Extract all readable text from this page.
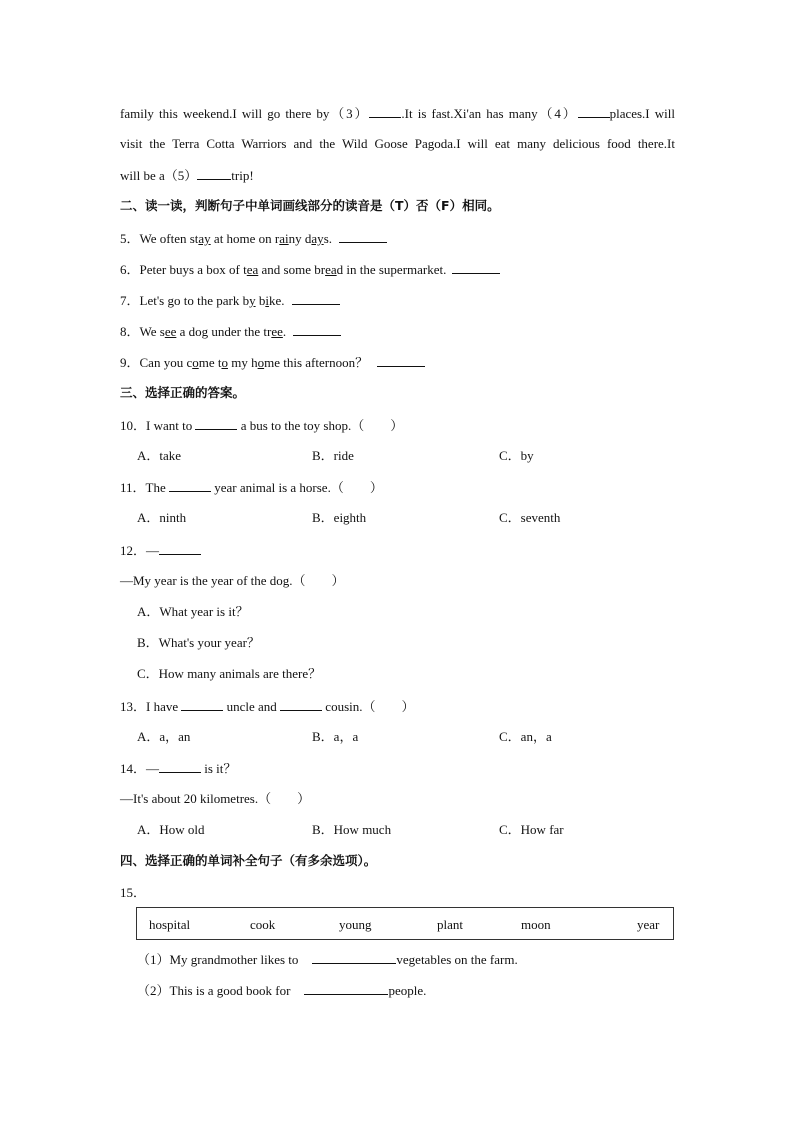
family this weekend.I will go there by（3） .It is fast.Xi'an has many（4） places.I will
visit the Terra Cotta Warriors and the Wild Goose Pagoda.I will eat many delicious food there.It
will be a（5）	trip!
二、读一读，判断句子中单词画线部分的读音是（T）否（F）相同。
5．We often stay at home on rainy days.
6．Peter buys a box of tea and some bread in the supermarket.
7．Let's go to the park by bike.
8．We see a dog under the tree.
9．Can you come to my home this afternoon？
三、选择正确的答案。
10．I want to	a bus to the toy shop.（　　）
A．take	B．ride	C．by
11．The	year animal is a horse.（　　）
A．ninth	B．eighth	C．seventh
12．—
—My year is the year of the dog.（　　）
A．What year is it？
B．What's your year？
C．How many animals are there？
13．I have	uncle and	cousin.（　　）
A．a，an	B．a，a	C．an，a
14．—	is it？
—It's about 20 kilometres.（　　）
A．How old	B．How much	C．How far
四、选择正确的单词补全句子（有多余选项）。
15．
hospital	cook	young	plant	moon	year
（1）My grandmother likes to	vegetables on the farm.
（2）This is a good book for	people.
